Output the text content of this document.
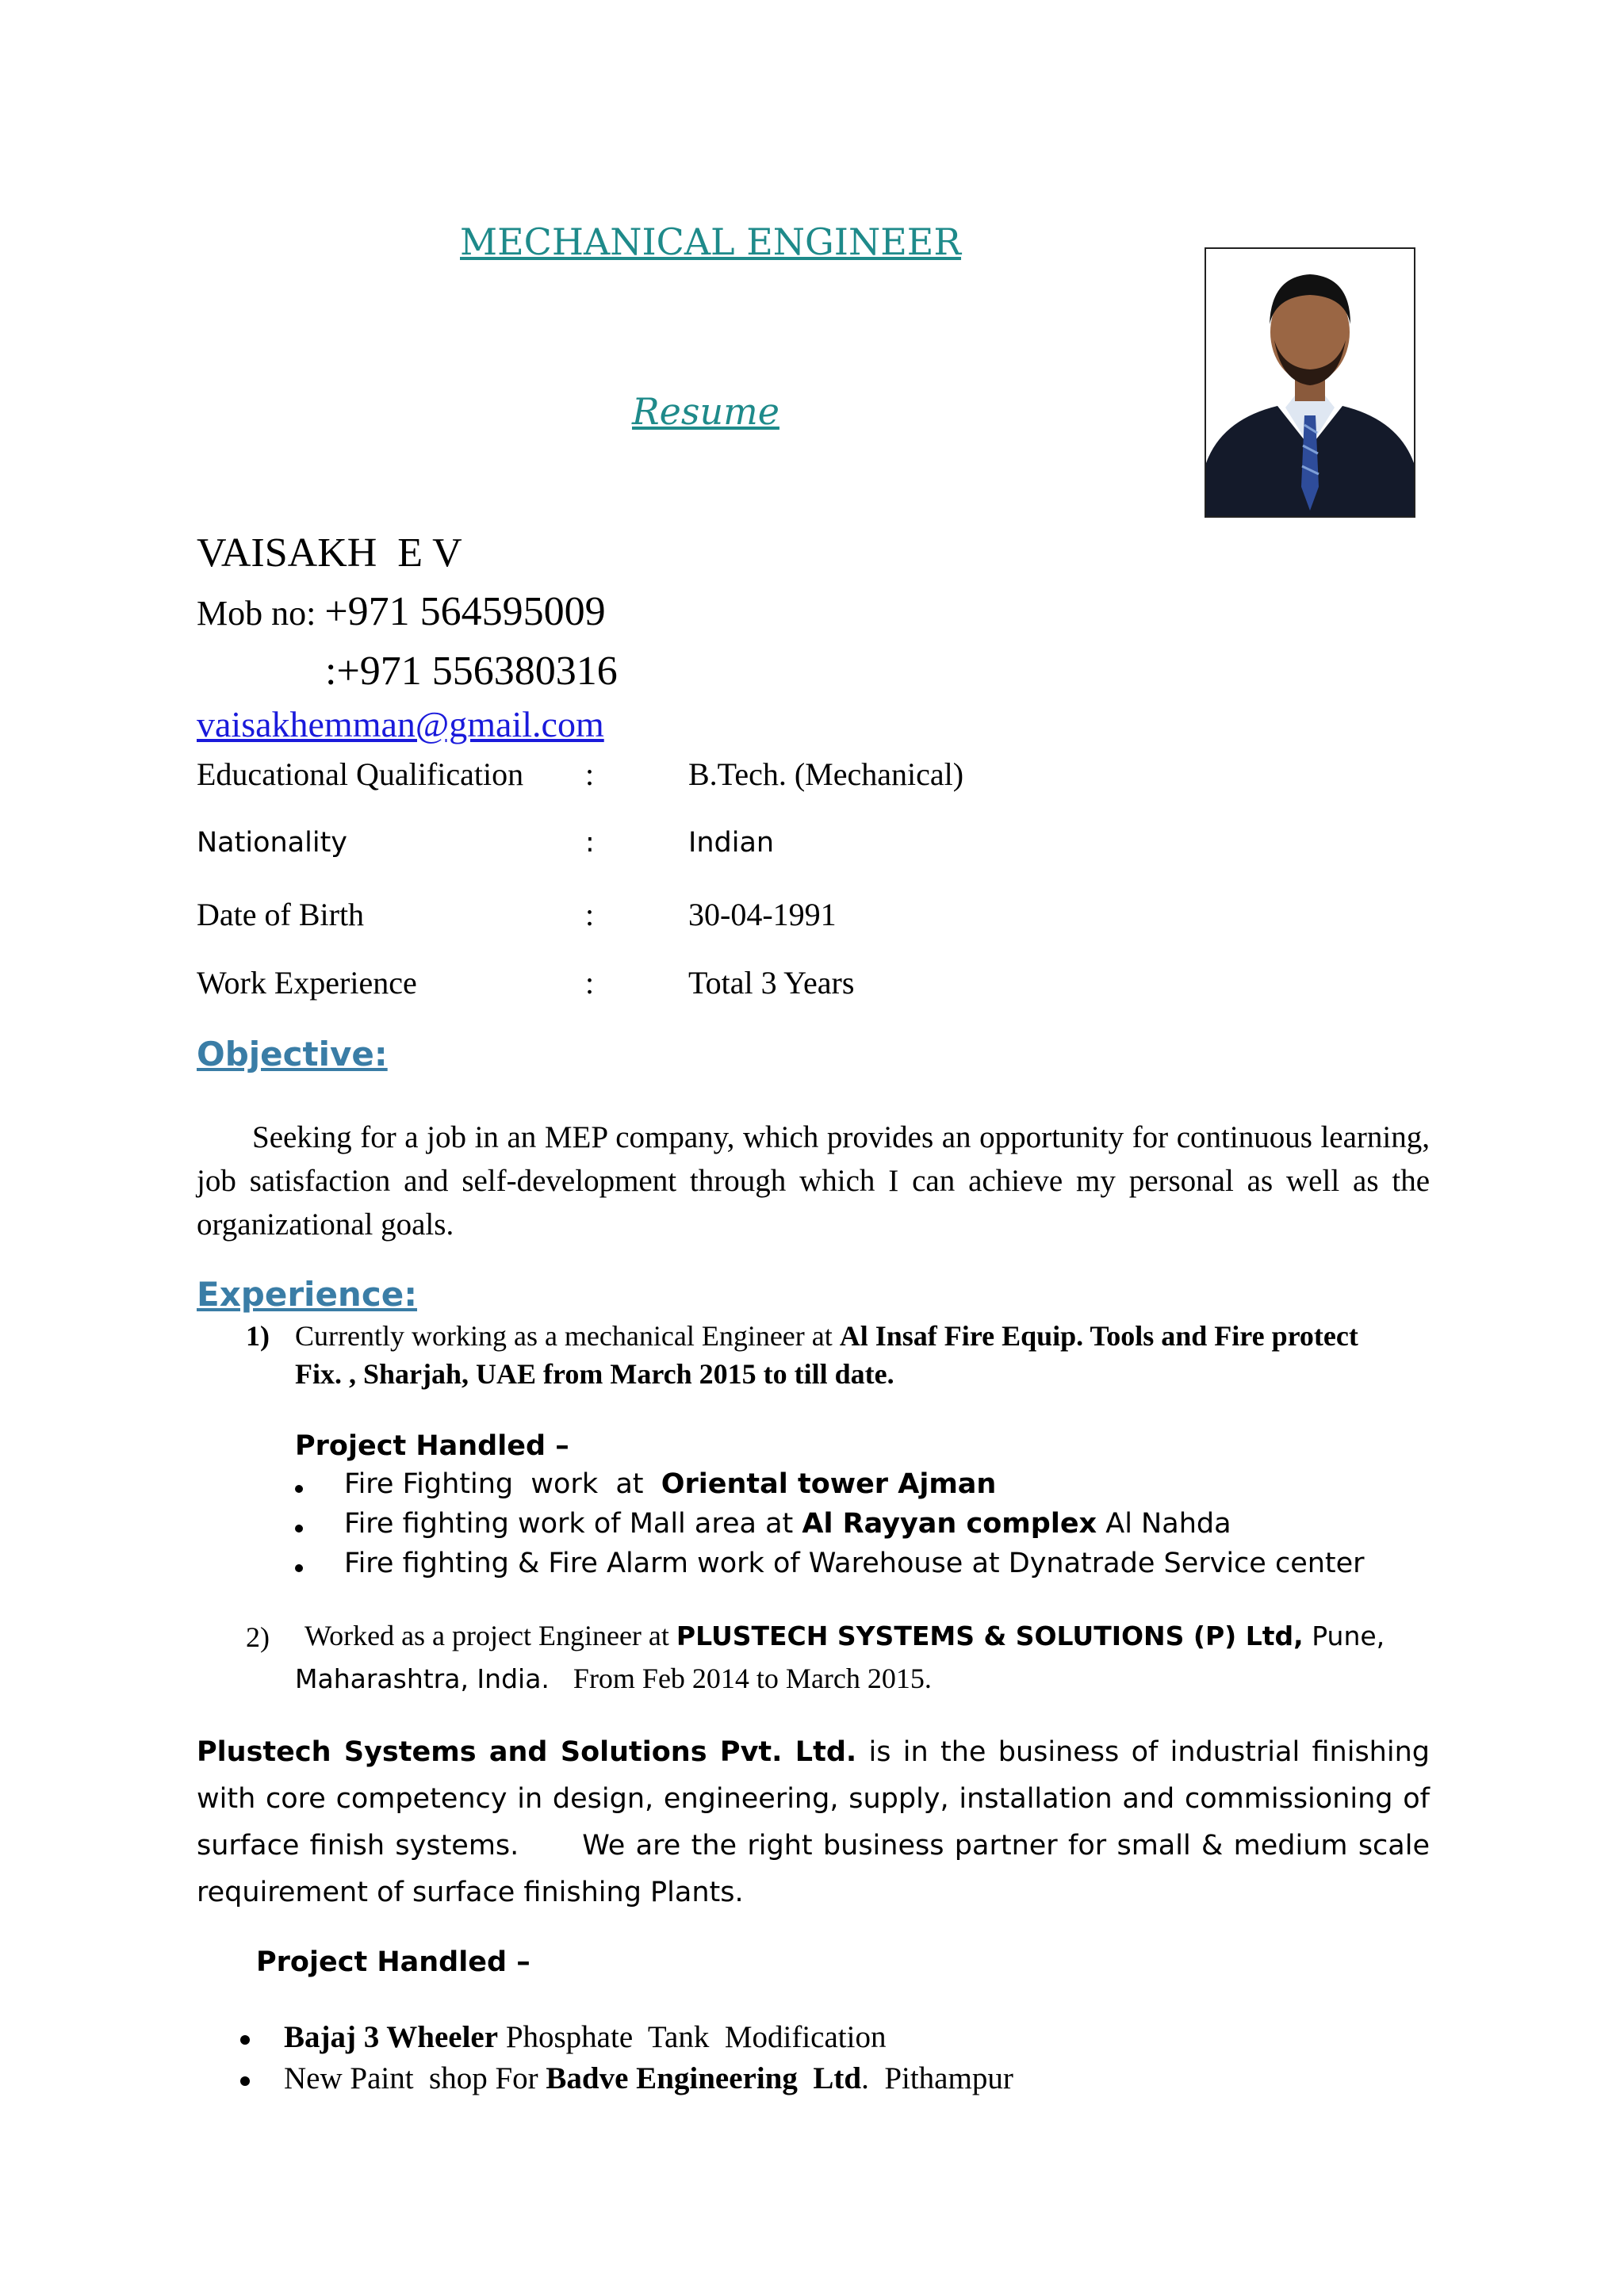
MECHANICAL ENGINEER
Resume
VAISAKH  E V
Mob no: +971 564595009
:+971 556380316
vaisakhemman@gmail.com
Educational Qualification :	B.Tech. (Mechanical)
Nationality	:	Indian
Date of Birth	:	30-04-1991
Work Experience	:	Total 3 Years
Objective:
Seeking for a job in an MEP company, which provides an opportunity for continuous learning, job satisfaction and self-development through which I can achieve my personal as well as the organizational goals.
Experience:
1) Currently working as a mechanical Engineer at Al Insaf Fire Equip. Tools and Fire protect
Fix. , Sharjah, UAE from March 2015 to till date.
Project Handled –
Fire Fighting  work  at  Oriental tower Ajman
Fire fighting work of Mall area at Al Rayyan complex Al Nahda
Fire fighting & Fire Alarm work of Warehouse at Dynatrade Service center
2) Worked as a project Engineer at PLUSTECH SYSTEMS & SOLUTIONS (P) Ltd, Pune,
Maharashtra, India. From Feb 2014 to March 2015.
Plustech Systems and Solutions Pvt. Ltd. is in the business of industrial finishing with core competency in design, engineering, supply, installation and commissioning of surface finish systems.      We are the right business partner for small & medium scale requirement of surface finishing Plants.
Project Handled –
Bajaj 3 Wheeler Phosphate  Tank  Modification
New Paint  shop For Badve Engineering  Ltd.  Pithampur
